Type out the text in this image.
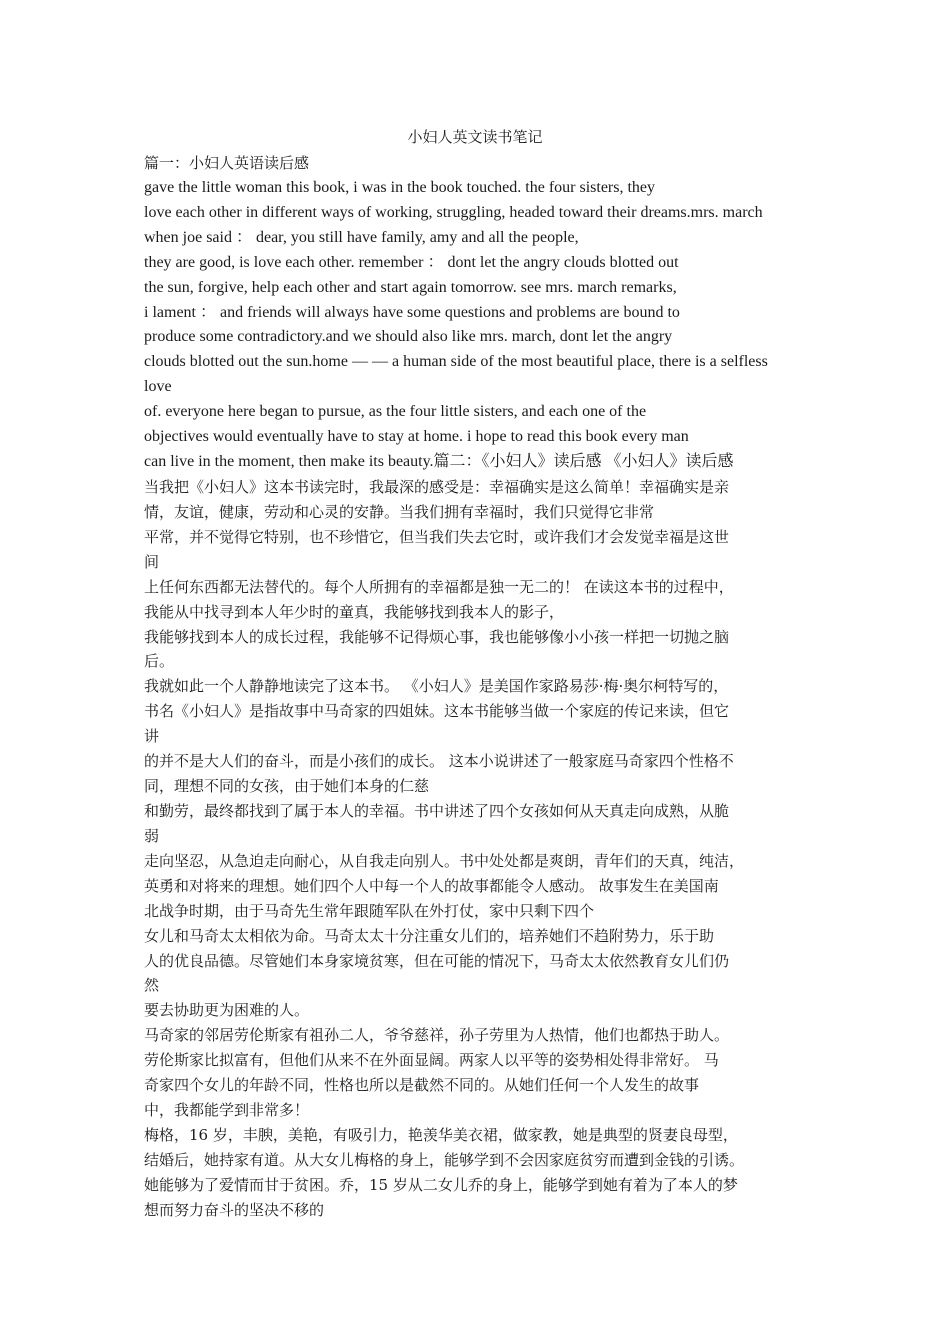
小妇人英文读书笔记
篇一：小妇人英语读后感
gave the little woman this book, i was in the book touched. the four sisters, they
love each other in different ways of working, struggling, headed toward their dreams.mrs. march
when joe said ： dear, you still have family, amy and all the people,
they are good, is love each other. remember ： dont let the angry clouds blotted out
the sun, forgive, help each other and start again tomorrow. see mrs. march remarks,
i lament ： and friends will always have some questions and problems are bound to
produce some contradictory.and we should also like mrs. march, dont let the angry
clouds blotted out the sun.home — — a human side of the most beautiful place, there is a selfless
love
of. everyone here began to pursue, as the four little sisters, and each one of the
objectives would eventually have to stay at home. i hope to read this book every man
can live in the moment, then make its beauty.篇二：《小妇人》读后感 《小妇人》读后感
当我把《小妇人》这本书读完时，我最深的感受是：幸福确实是这么简单！幸福确实是亲
情，友谊，健康，劳动和心灵的安静。当我们拥有幸福时，我们只觉得它非常
平常，并不觉得它特别，也不珍惜它，但当我们失去它时，或许我们才会发觉幸福是这世
间
上任何东西都无法替代的。每个人所拥有的幸福都是独一无二的！ 在读这本书的过程中，
我能从中找寻到本人年少时的童真，我能够找到我本人的影子，
我能够找到本人的成长过程，我能够不记得烦心事，我也能够像小小孩一样把一切抛之脑
后。
我就如此一个人静静地读完了这本书。 《小妇人》是美国作家路易莎·梅·奥尔柯特写的，
书名《小妇人》是指故事中马奇家的四姐妹。这本书能够当做一个家庭的传记来读，但它
讲
的并不是大人们的奋斗，而是小孩们的成长。 这本小说讲述了一般家庭马奇家四个性格不
同，理想不同的女孩，由于她们本身的仁慈
和勤劳，最终都找到了属于本人的幸福。书中讲述了四个女孩如何从天真走向成熟，从脆
弱
走向坚忍，从急迫走向耐心，从自我走向别人。书中处处都是爽朗，青年们的天真，纯洁，
英勇和对将来的理想。她们四个人中每一个人的故事都能令人感动。 故事发生在美国南
北战争时期，由于马奇先生常年跟随军队在外打仗，家中只剩下四个
女儿和马奇太太相依为命。马奇太太十分注重女儿们的，培养她们不趋附势力，乐于助
人的优良品德。尽管她们本身家境贫寒，但在可能的情况下，马奇太太依然教育女儿们仍
然
要去协助更为困难的人。
马奇家的邻居劳伦斯家有祖孙二人，爷爷慈祥，孙子劳里为人热情，他们也都热于助人。
劳伦斯家比拟富有，但他们从来不在外面显阔。两家人以平等的姿势相处得非常好。 马
奇家四个女儿的年龄不同，性格也所以是截然不同的。从她们任何一个人发生的故事
中，我都能学到非常多！
梅格，16 岁，丰腴，美艳，有吸引力，艳羡华美衣裙，做家教，她是典型的贤妻良母型，
结婚后，她持家有道。从大女儿梅格的身上，能够学到不会因家庭贫穷而遭到金钱的引诱。
她能够为了爱情而甘于贫困。乔，15 岁从二女儿乔的身上，能够学到她有着为了本人的梦
想而努力奋斗的坚决不移的
